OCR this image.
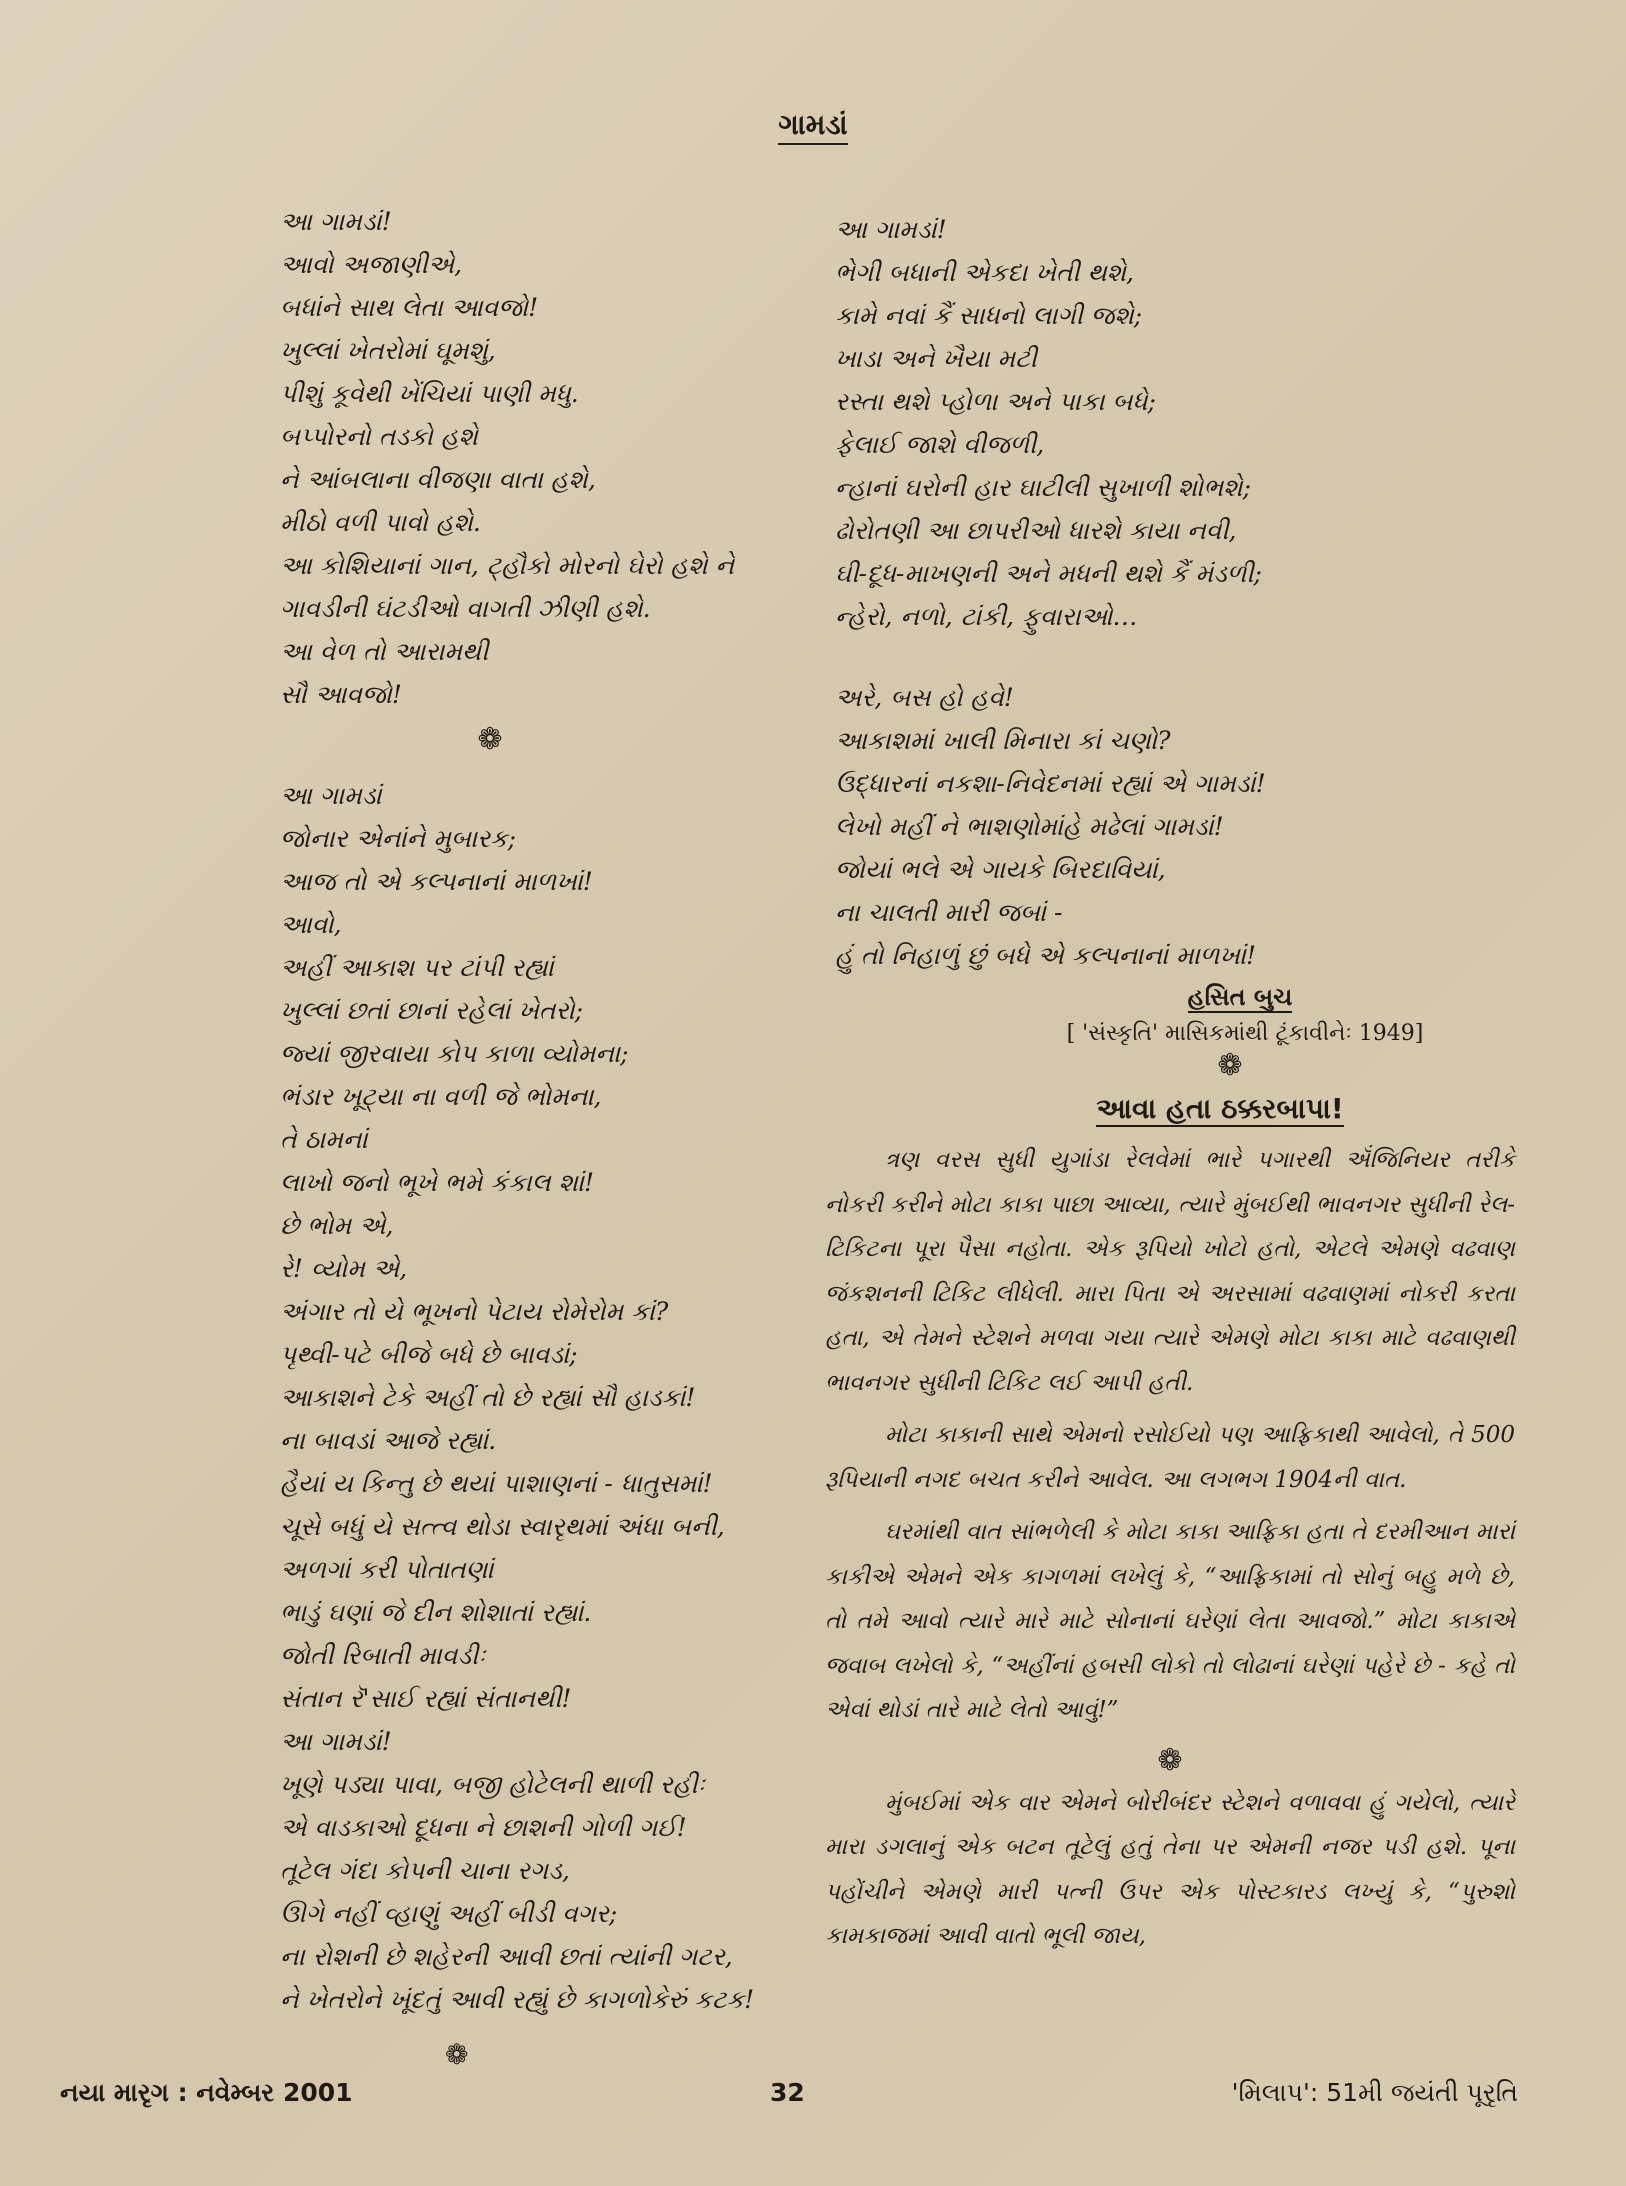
ગામડાં
આ ગામડાં!
આવો અજાણીએ,
બધાંને સાથ લેતા આવજો!
ખુલ્લાં ખેતરોમાં ઘૂમશું,
પીશું કૂવેથી ખેંચિયાં પાણી મધુ.
બપ્પોરનો તડકો હશે
ને આંબલાના વીજણા વાતા હશે,
મીઠો વળી પાવો હશે.
આ કોશિયાનાં ગાન, ટ્હૌકો મોરનો ઘેરો હશે ને
ગાવડીની ઘંટડીઓ વાગતી ઝીણી હશે.
આ વેળ તો આરામથી
સૌ આવજો!
❁
આ ગામડાં
જોનાર એનાંને મુબારક;
આજ તો એ કલ્પનાનાં માળખાં!
આવો,
અહીં આકાશ પર ટાંપી રહ્યાં
ખુલ્લાં છતાં છાનાં રહેલાં ખેતરો;
જ્યાં જીરવાયા કોપ કાળા વ્યોમના;
ભંડાર ખૂટ્યા ના વળી જે ભોમના,
તે ઠામનાં
લાખો જનો ભૂખે ભમે કંકાલ શાં!
છે ભોમ એ,
રે! વ્યોમ એ,
અંગાર તો યે ભૂખનો પેટાય રોમેરોમ કાં?
પૃથ્વી-પટે બીજે બધે છે બાવડાં;
આકાશને ટેકે અહીં તો છે રહ્યાં સૌ હાડકાં!
ના બાવડાં આજે રહ્યાં.
હૈયાં ય કિન્તુ છે થયાં પાશાણનાં - ધાતુસમાં!
ચૂસે બધું યે સત્ત્વ થોડા સ્વારૃથમાં અંધા બની,
અળગાં કરી પોતાતણાં
ભાડું ઘણાં જે દીન શોશાતાં રહ્યાં.
જોતી રિબાતી માવડીઃ
સંતાન રૅ'સાઈ રહ્યાં સંતાનથી!
આ ગામડાં!
ખૂણે પડ્યા પાવા, બજી હોટેલની થાળી રહીઃ
એ વાડકાઓ દૂધના ને છાશની ગોળી ગઈ!
તૂટેલ ગંદા કોપની ચાના રગડ,
ઊગે નહીં વ્હાણું અહીં બીડી વગર;
ના રોશની છે શહેરની આવી છતાં ત્યાંની ગટર,
ને ખેતરોને ખૂંદતું આવી રહ્યું છે કાગળોકેરું કટક!
❁
આ ગામડાં!
ભેગી બધાની એકદા ખેતી થશે,
કામે નવાં કૈં સાધનો લાગી જશે;
ખાડા અને ખૈયા મટી
રસ્તા થશે પ્હોળા અને પાકા બધે;
ફેલાઈ જાશે વીજળી,
ન્હાનાં ઘરોની હાર ઘાટીલી સુખાળી શોભશે;
ઢોરોતણી આ છાપરીઓ ધારશે કાયા નવી,
ઘી-દૂધ-માખણની અને મધની થશે કૈં મંડળી;
ન્હેરો, નળો, ટાંકી, ફુવારાઓ…
અરે, બસ હો હવે!
આકાશમાં ખાલી મિનારા કાં ચણો?
ઉદ્ધારનાં નકશા-નિવેદનમાં રહ્યાં એ ગામડાં!
લેખો મહીં ને ભાશણોમાંહે મઢેલાં ગામડાં!
જોયાં ભલે એ ગાયકે બિરદાવિયાં,
ના ચાલતી મારી જબાં -
હું તો નિહાળું છું બધે એ કલ્પનાનાં માળખાં!
હસિત બુચ
[ 'સંસ્કૃતિ' માસિકમાંથી ટૂંકાવીનેઃ 1949]
❁
આવા હતા ઠક્કરબાપા!

ત્રણ વરસ સુધી યુગાંડા રેલવેમાં ભારે પગારથી ઍંજિનિયર તરીકે નોકરી કરીને મોટા કાકા પાછા આવ્યા, ત્યારે મુંબઈથી ભાવનગર સુધીની રેલ-ટિકિટના પૂરા પૈસા નહોતા. એક રૂપિયો ખોટો હતો, એટલે એમણે વઢવાણ જંકશનની ટિકિટ લીધેલી. મારા પિતા એ અરસામાં વઢવાણમાં નોકરી કરતા હતા, એ તેમને સ્ટેશને મળવા ગયા ત્યારે એમણે મોટા કાકા માટે વઢવાણથી ભાવનગર સુધીની ટિકિટ લઈ આપી હતી.

મોટા કાકાની સાથે એમનો રસોઈયો પણ આફ્રિકાથી આવેલો, તે 500 રૂપિયાની નગદ બચત કરીને આવેલ. આ લગભગ 1904ની વાત.

ઘરમાંથી વાત સાંભળેલી કે મોટા કાકા આફ્રિકા હતા તે દરમીઆન મારાં કાકીએ એમને એક કાગળમાં લખેલું કે, “આફ્રિકામાં તો સોનું બહુ મળે છે, તો તમે આવો ત્યારે મારે માટે સોનાનાં ઘરેણાં લેતા આવજો.” મોટા કાકાએ જવાબ લખેલો કે, “અહીંનાં હબસી લોકો તો લોઢાનાં ઘરેણાં પહેરે છે - કહે તો એવાં થોડાં તારે માટે લેતો આવું!”

❁

મુંબઈમાં એક વાર એમને બોરીબંદર સ્ટેશને વળાવવા હું ગયેલો, ત્યારે મારા ડગલાનું એક બટન તૂટેલું હતું તેના પર એમની નજર પડી હશે. પૂના પહોંચીને એમણે મારી પત્ની ઉપર એક પોસ્ટકારડ લખ્યું કે, “પુરુશો કામકાજમાં આવી વાતો ભૂલી જાય,

નયા મારૃગ : નવેમ્બર 2001	32	'મિલાપ': 51મી જયંતી પૂરૃતિ
